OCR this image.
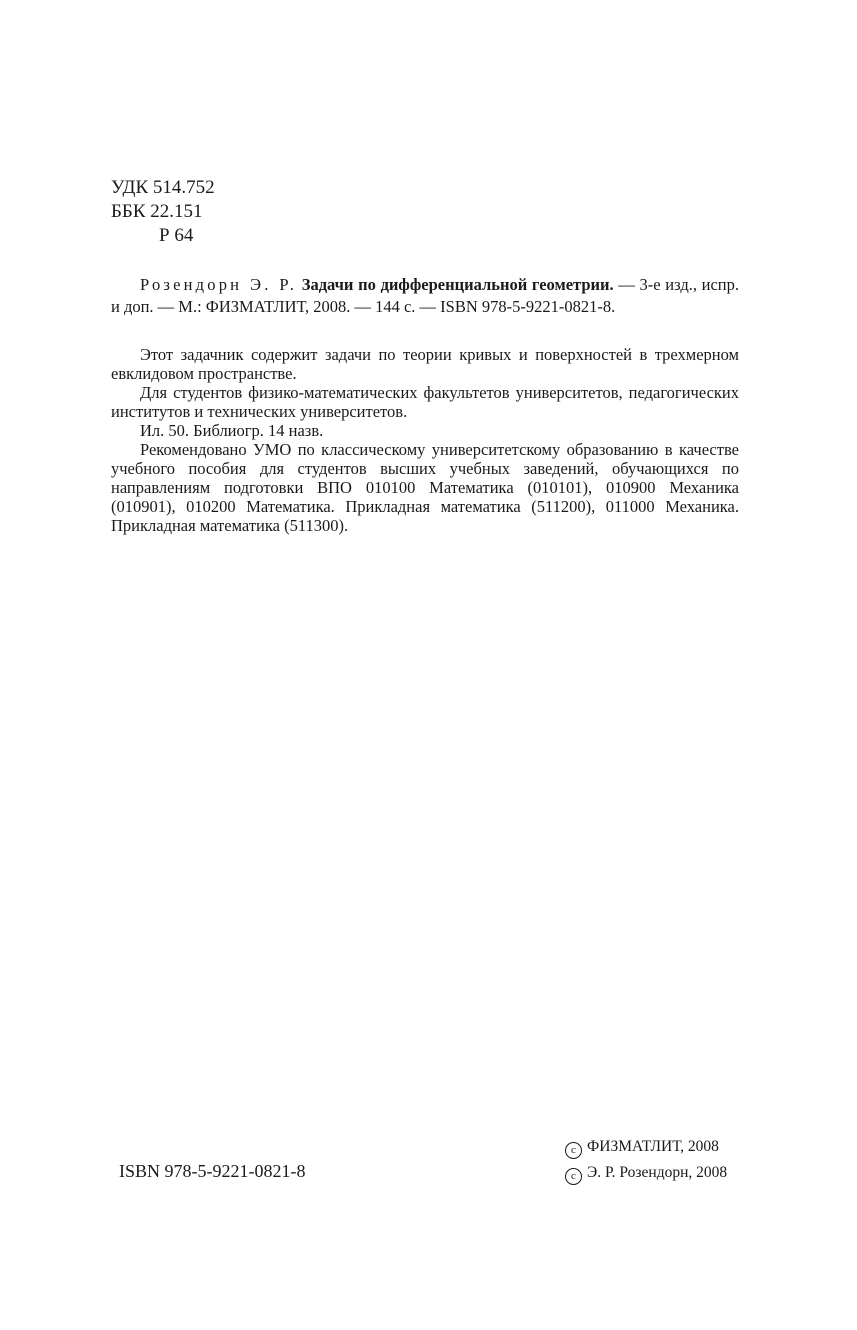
УДК 514.752
ББК 22.151
Р 64

Розендорн Э. Р. Задачи по дифференциальной геометрии. — 3-е изд., испр. и доп. — М.: ФИЗМАТЛИТ, 2008. — 144 с. — ISBN 978-5-9221-0821-8.

Этот задачник содержит задачи по теории кривых и поверхностей в трехмерном евклидовом пространстве.

Для студентов физико-математических факультетов университетов, педагогических институтов и технических университетов.

Ил. 50. Библиогр. 14 назв.

Рекомендовано УМО по классическому университетскому образованию в качестве учебного пособия для студентов высших учебных заведений, обучающихся по направлениям подготовки ВПО 010100 Математика (010101), 010900 Механика (010901), 010200 Математика. Прикладная математика (511200), 011000 Механика. Прикладная математика (511300).

ISBN 978-5-9221-0821-8
c ФИЗМАТЛИТ, 2008
c Э. Р. Розендорн, 2008
